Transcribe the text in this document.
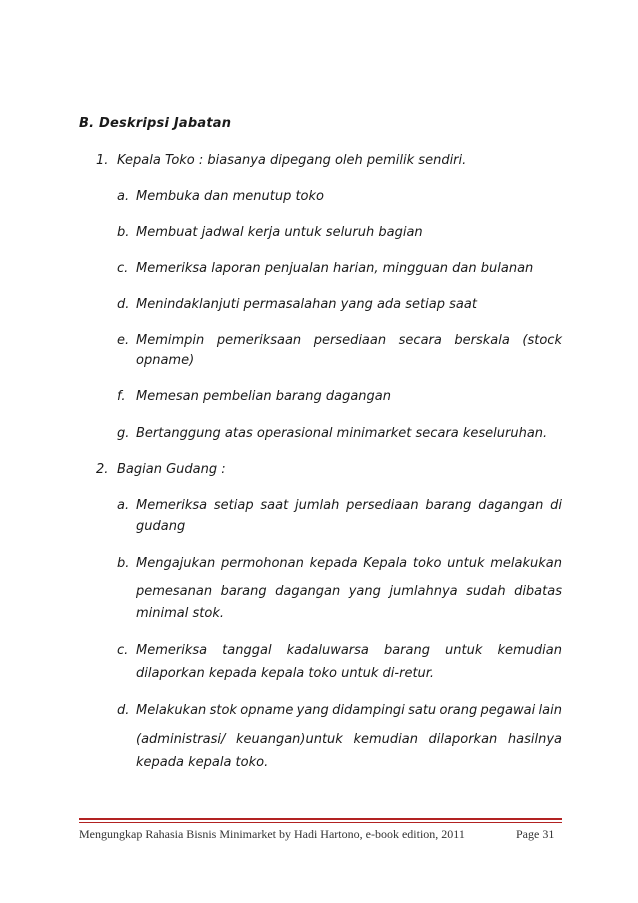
B. Deskripsi Jabatan
1. Kepala Toko : biasanya dipegang oleh pemilik sendiri.
a. Membuka dan menutup toko
b. Membuat jadwal kerja untuk seluruh bagian
c. Memeriksa laporan penjualan harian, mingguan dan bulanan
d. Menindaklanjuti permasalahan yang ada setiap saat
e. Memimpin pemeriksaan persediaan secara berskala (stock
opname)
f. Memesan pembelian barang dagangan
g. Bertanggung atas operasional minimarket secara keseluruhan.
2. Bagian Gudang :
a. Memeriksa setiap saat jumlah persediaan barang dagangan di
gudang
b. Mengajukan permohonan kepada Kepala toko untuk melakukan
pemesanan barang dagangan yang jumlahnya sudah dibatas
minimal stok.
c. Memeriksa tanggal kadaluwarsa barang untuk kemudian
dilaporkan kepada kepala toko untuk di-retur.
d. Melakukan stok opname yang didampingi satu orang pegawai lain
(administrasi/ keuangan)untuk kemudian dilaporkan hasilnya
kepada kepala toko.
Mengungkap Rahasia Bisnis Minimarket by Hadi Hartono, e-book edition, 2011	Page 31
